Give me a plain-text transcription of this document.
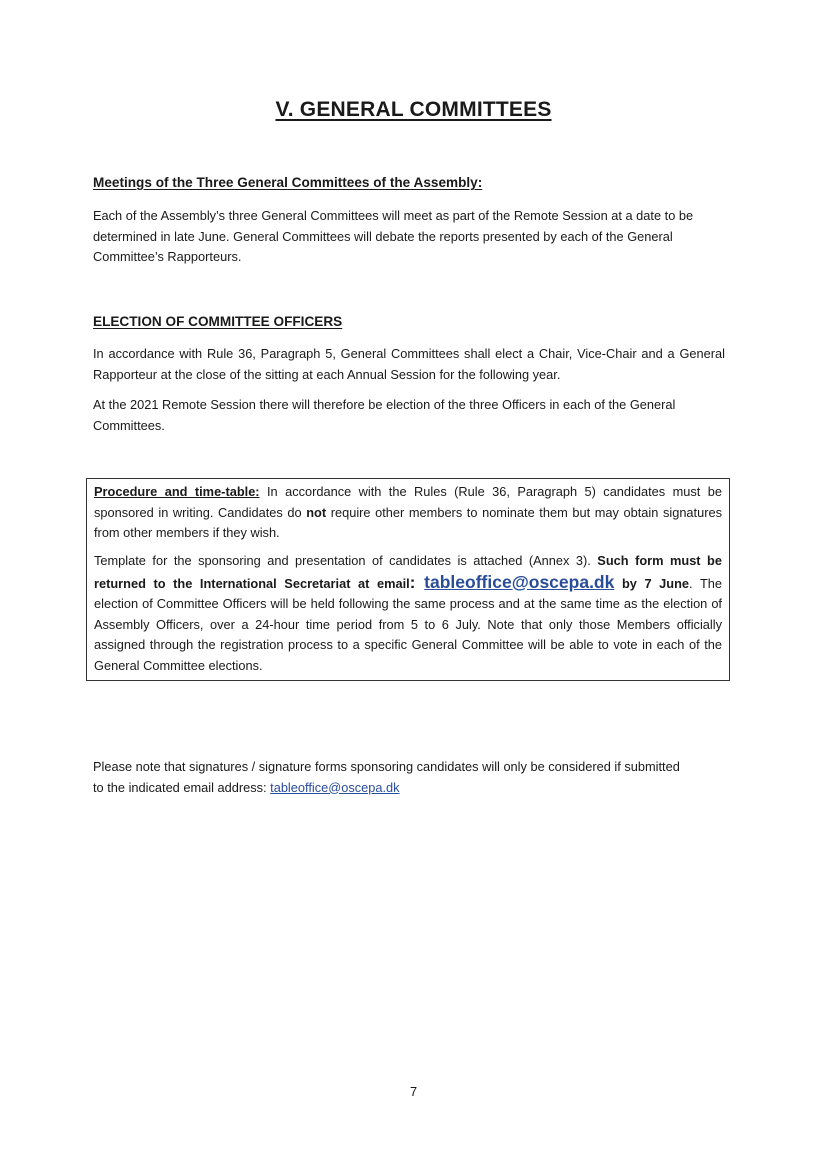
V. GENERAL COMMITTEES
Meetings of the Three General Committees of the Assembly:
Each of the Assembly’s three General Committees will meet as part of the Remote Session at a date to be determined in late June. General Committees will debate the reports presented by each of the General Committee’s Rapporteurs.
ELECTION OF COMMITTEE OFFICERS
In accordance with Rule 36, Paragraph 5, General Committees shall elect a Chair, Vice-Chair and a General Rapporteur at the close of the sitting at each Annual Session for the following year.
At the 2021 Remote Session there will therefore be election of the three Officers in each of the General Committees.
Procedure and time-table: In accordance with the Rules (Rule 36, Paragraph 5) candidates must be sponsored in writing. Candidates do not require other members to nominate them but may obtain signatures from other members if they wish.
Template for the sponsoring and presentation of candidates is attached (Annex 3). Such form must be returned to the International Secretariat at email: tableoffice@oscepa.dk by 7 June. The election of Committee Officers will be held following the same process and at the same time as the election of Assembly Officers, over a 24-hour time period from 5 to 6 July. Note that only those Members officially assigned through the registration process to a specific General Committee will be able to vote in each of the General Committee elections.
Please note that signatures / signature forms sponsoring candidates will only be considered if submitted to the indicated email address: tableoffice@oscepa.dk
7
